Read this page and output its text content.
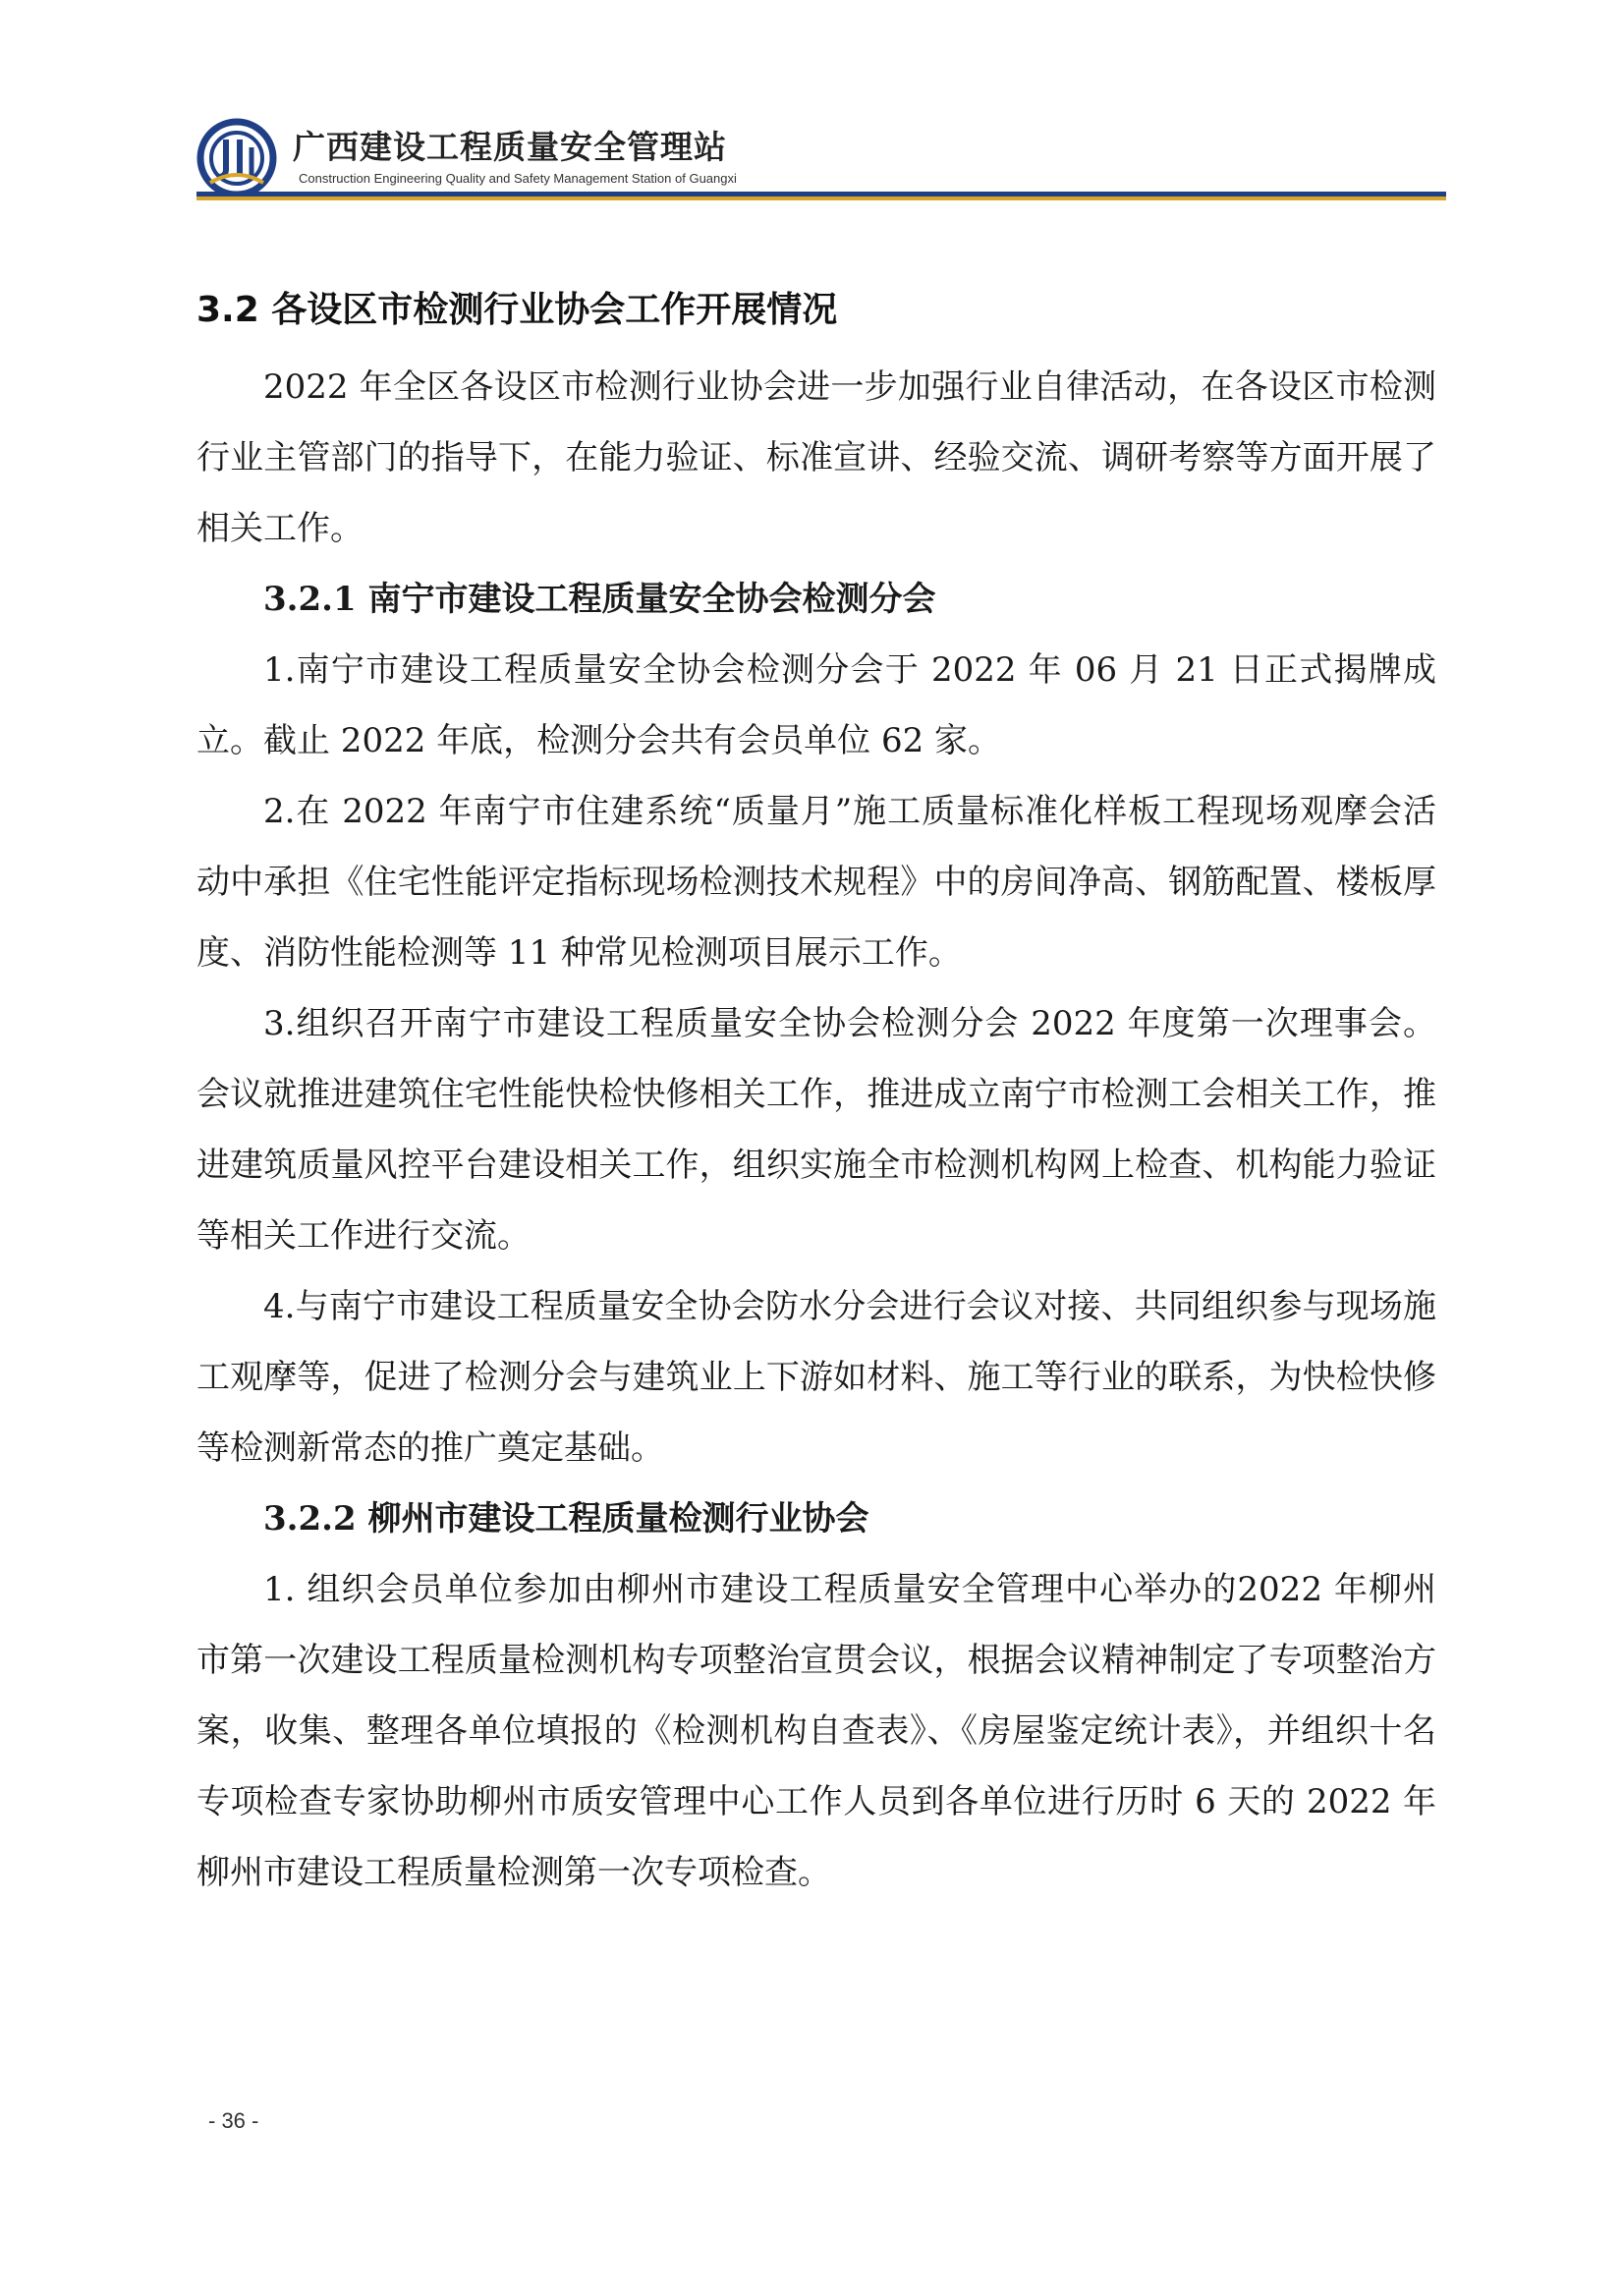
广西建设工程质量安全管理站
Construction Engineering Quality and Safety Management Station of Guangxi
3.2 各设区市检测行业协会工作开展情况

2022 年全区各设区市检测行业协会进一步加强行业自律活动，在各设区市检测行业主管部门的指导下，在能力验证、标准宣讲、经验交流、调研考察等方面开展了相关工作。

3.2.1 南宁市建设工程质量安全协会检测分会

1.南宁市建设工程质量安全协会检测分会于 2022 年 06 月 21 日正式揭牌成立。截止 2022 年底，检测分会共有会员单位 62 家。

2.在 2022 年南宁市住建系统“质量月”施工质量标准化样板工程现场观摩会活动中承担《住宅性能评定指标现场检测技术规程》中的房间净高、钢筋配置、楼板厚度、消防性能检测等 11 种常见检测项目展示工作。

3.组织召开南宁市建设工程质量安全协会检测分会 2022 年度第一次理事会。会议就推进建筑住宅性能快检快修相关工作，推进成立南宁市检测工会相关工作，推进建筑质量风控平台建设相关工作，组织实施全市检测机构网上检查、机构能力验证等相关工作进行交流。

4.与南宁市建设工程质量安全协会防水分会进行会议对接、共同组织参与现场施工观摩等，促进了检测分会与建筑业上下游如材料、施工等行业的联系，为快检快修等检测新常态的推广奠定基础。

3.2.2 柳州市建设工程质量检测行业协会

1. 组织会员单位参加由柳州市建设工程质量安全管理中心举办的2022 年柳州市第一次建设工程质量检测机构专项整治宣贯会议，根据会议精神制定了专项整治方案，收集、整理各单位填报的《检测机构自查表》、《房屋鉴定统计表》，并组织十名专项检查专家协助柳州市质安管理中心工作人员到各单位进行历时 6 天的 2022 年柳州市建设工程质量检测第一次专项检查。

- 36 -
